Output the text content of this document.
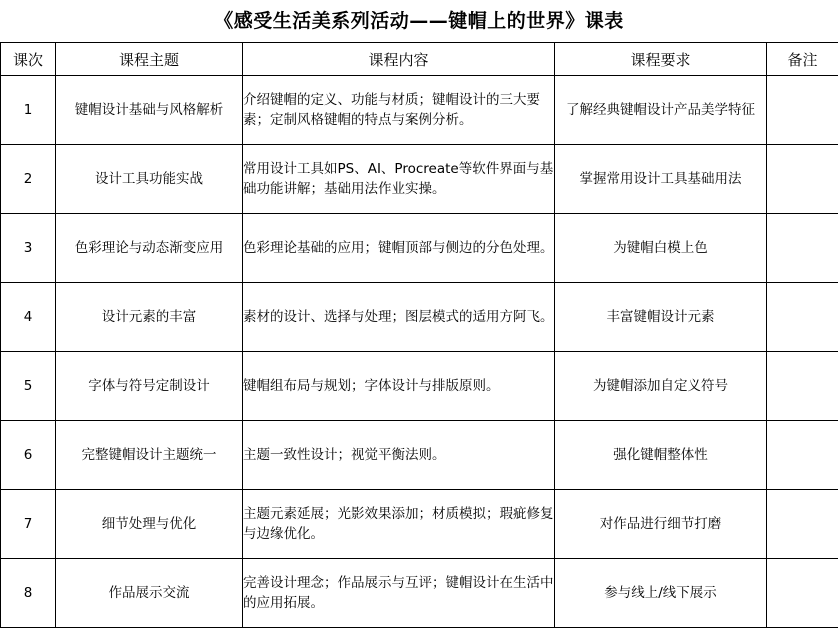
《感受生活美系列活动——键帽上的世界》课表
课次	课程主题	课程内容	课程要求	备注
1	键帽设计基础与风格解析	介绍键帽的定义、功能与材质；键帽设计的三大要素；定制风格键帽的特点与案例分析。	了解经典键帽设计产品美学特征	
2	设计工具功能实战	常用设计工具如PS、AI、Procreate等软件界面与基础功能讲解；基础用法作业实操。	掌握常用设计工具基础用法	
3	色彩理论与动态渐变应用	色彩理论基础的应用；键帽顶部与侧边的分色处理。	为键帽白模上色	
4	设计元素的丰富	素材的设计、选择与处理；图层模式的适用方阿飞。	丰富键帽设计元素	
5	字体与符号定制设计	键帽组布局与规划；字体设计与排版原则。	为键帽添加自定义符号	
6	完整键帽设计主题统一	主题一致性设计；视觉平衡法则。	强化键帽整体性	
7	细节处理与优化	主题元素延展；光影效果添加；材质模拟；瑕疵修复与边缘优化。	对作品进行细节打磨	
8	作品展示交流	完善设计理念；作品展示与互评；键帽设计在生活中的应用拓展。	参与线上/线下展示	
